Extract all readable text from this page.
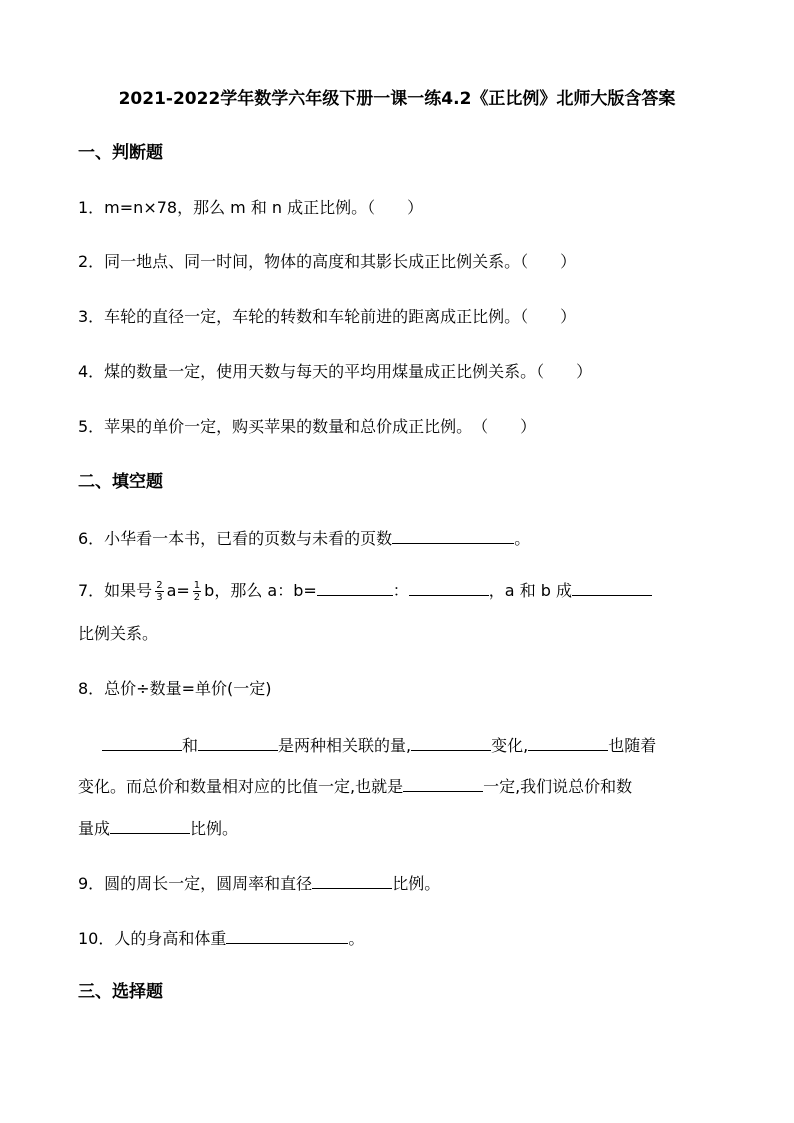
2021-2022学年数学六年级下册一课一练4.2《正比例》北师大版含答案
一、判断题
1．m=n×78，那么 m 和 n 成正比例。（　　）
2．同一地点、同一时间，物体的高度和其影长成正比例关系。（　　）
3．车轮的直径一定，车轮的转数和车轮前进的距离成正比例。（　　）
4．煤的数量一定，使用天数与每天的平均用煤量成正比例关系。（　　）
5．苹果的单价一定，购买苹果的数量和总价成正比例。　（　　）
二、填空题
6．小华看一本书，已看的页数与未看的页数	。
7．如果号 $\frac{2}{3} a= \frac{1}{2}$ b，那么 a：b=	：	，a 和 b 成
比例关系。
8．总价÷数量=单价(一定)
和	是两种相关联的量,	变化,	也随着
变化。而总价和数量相对应的比值一定,也就是	一定,我们说总价和数
量成	比例。
9．圆的周长一定，圆周率和直径	比例。
10．人的身高和体重	。
三、选择题
